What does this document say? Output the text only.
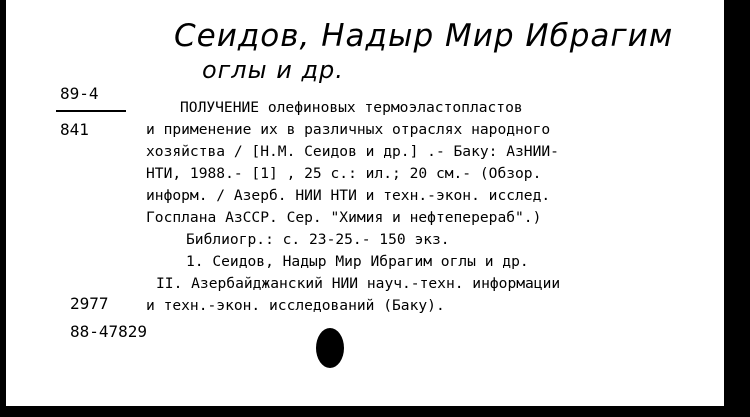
Сеидов, Надыр Мир Ибрагим
оглы и др.
89-4
841
ПОЛУЧЕНИЕ олефиновых термоэластопластов
и применение их в различных отраслях народного
хозяйства / [Н.М. Сеидов и др.] .- Баку: АзНИИ-
НТИ, 1988.- [1] , 25 с.: ил.; 20 см.- (Обзор.
информ. / Азерб. НИИ НТИ и техн.-экон. исслед.
Госплана АзССР. Сер. "Химия и нефтеперераб".)
Библиогр.: с. 23-25.- 150 экз.
1. Сеидов, Надыр Мир Ибрагим оглы и др.
II. Азербайджанский НИИ науч.-техн. информации
и техн.-экон. исследований (Баку).
2977
88-47829
